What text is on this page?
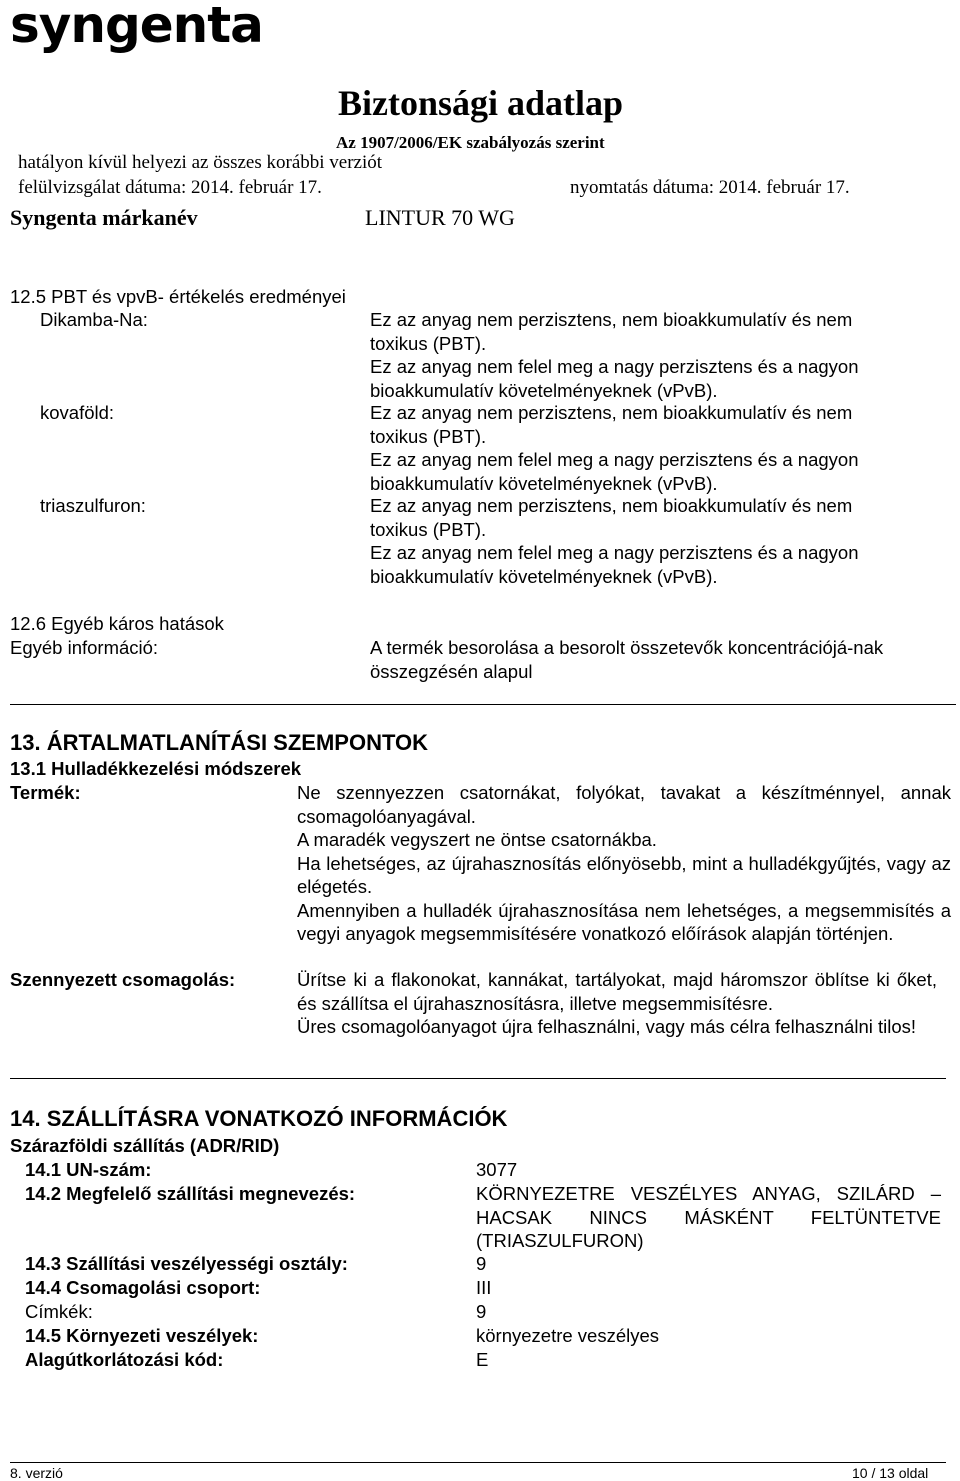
syngenta
Biztonsági adatlap
Az 1907/2006/EK szabályozás szerint
hatályon kívül helyezi az összes korábbi verziót
felülvizsgálat dátuma: 2014. február 17.	nyomtatás dátuma: 2014. február 17.
Syngenta márkanév	LINTUR 70 WG
12.5 PBT és vpvB- értékelés eredményei
Dikamba-Na:	Ez az anyag nem perzisztens, nem bioakkumulatív és nem
toxikus (PBT).
Ez az anyag nem felel meg a nagy perzisztens és a nagyon
bioakkumulatív követelményeknek (vPvB).
kovaföld:	Ez az anyag nem perzisztens, nem bioakkumulatív és nem
toxikus (PBT).
Ez az anyag nem felel meg a nagy perzisztens és a nagyon
bioakkumulatív követelményeknek (vPvB).
triaszulfuron:	Ez az anyag nem perzisztens, nem bioakkumulatív és nem
toxikus (PBT).
Ez az anyag nem felel meg a nagy perzisztens és a nagyon
bioakkumulatív követelményeknek (vPvB).
12.6 Egyéb káros hatások
Egyéb információ:	A termék besorolása a besorolt összetevők koncentrációjá-nak
összegzésén alapul
13. ÁRTALMATLANÍTÁSI SZEMPONTOK
13.1 Hulladékkezelési módszerek
Termék:	Ne szennyezzen csatornákat, folyókat, tavakat a készítménnyel, annak csomagolóanyagával.
A maradék vegyszert ne öntse csatornákba.
Ha lehetséges, az újrahasznosítás előnyösebb, mint a hulladékgyűjtés, vagy az elégetés.
Amennyiben a hulladék újrahasznosítása nem lehetséges, a megsemmisítés a vegyi anyagok megsemmisítésére vonatkozó előírások alapján történjen.
Szennyezett csomagolás:	Ürítse ki a flakonokat, kannákat, tartályokat, majd háromszor öblítse ki őket, és szállítsa el újrahasznosításra, illetve megsemmisítésre.
Üres csomagolóanyagot újra felhasználni, vagy más célra felhasználni tilos!
14. SZÁLLÍTÁSRA VONATKOZÓ INFORMÁCIÓK
Szárazföldi szállítás (ADR/RID)
14.1 UN-szám:	3077
14.2 Megfelelő szállítási megnevezés:	KÖRNYEZETRE VESZÉLYES ANYAG, SZILÁRD – HACSAK NINCS MÁSKÉNT FELTÜNTETVE (TRIASZULFURON)
14.3 Szállítási veszélyességi osztály:	9
14.4 Csomagolási csoport:	III
Címkék:	9
14.5 Környezeti veszélyek:	környezetre veszélyes
Alagútkorlátozási kód:	E
8. verzió	10 / 13 oldal
